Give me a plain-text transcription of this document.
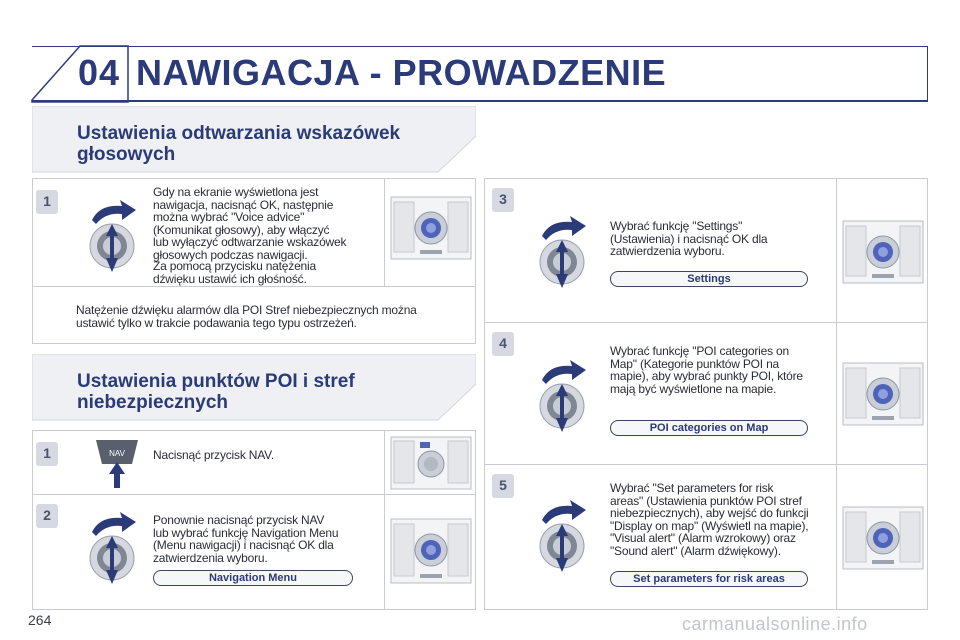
04 NAWIGACJA - PROWADZENIE
Ustawienia odtwarzania wskazówek
głosowych
1
Gdy na ekranie wyświetlona jest
nawigacja, nacisnąć OK, następnie
można wybrać "Voice advice"
(Komunikat głosowy), aby włączyć
lub wyłączyć odtwarzanie wskazówek
głosowych podczas nawigacji.
Za pomocą przycisku natężenia
dźwięku ustawić ich głośność.
Natężenie dźwięku alarmów dla POI Stref niebezpiecznych można
ustawić tylko w trakcie podawania tego typu ostrzeżeń.
Ustawienia punktów POI i stref
niebezpiecznych
1	NAV Nacisnąć przycisk NAV.
2	Ponownie nacisnąć przycisk NAV
lub wybrać funkcję Navigation Menu
(Menu nawigacji) i nacisnąć OK dla
zatwierdzenia wyboru.
Navigation Menu
3
Wybrać funkcję "Settings"
(Ustawienia) i nacisnąć OK dla
zatwierdzenia wyboru.
Settings
4	Wybrać funkcję "POI categories on
Map" (Kategorie punktów POI na
mapie), aby wybrać punkty POI, które
mają być wyświetlone na mapie.
POI categories on Map
5	Wybrać "Set parameters for risk
areas" (Ustawienia punktów POI stref
niebezpiecznych), aby wejść do funkcji
"Display on map" (Wyświetl na mapie),
"Visual alert" (Alarm wzrokowy) oraz
"Sound alert" (Alarm dźwiękowy).
Set parameters for risk areas
264	carmanualsonline.info
